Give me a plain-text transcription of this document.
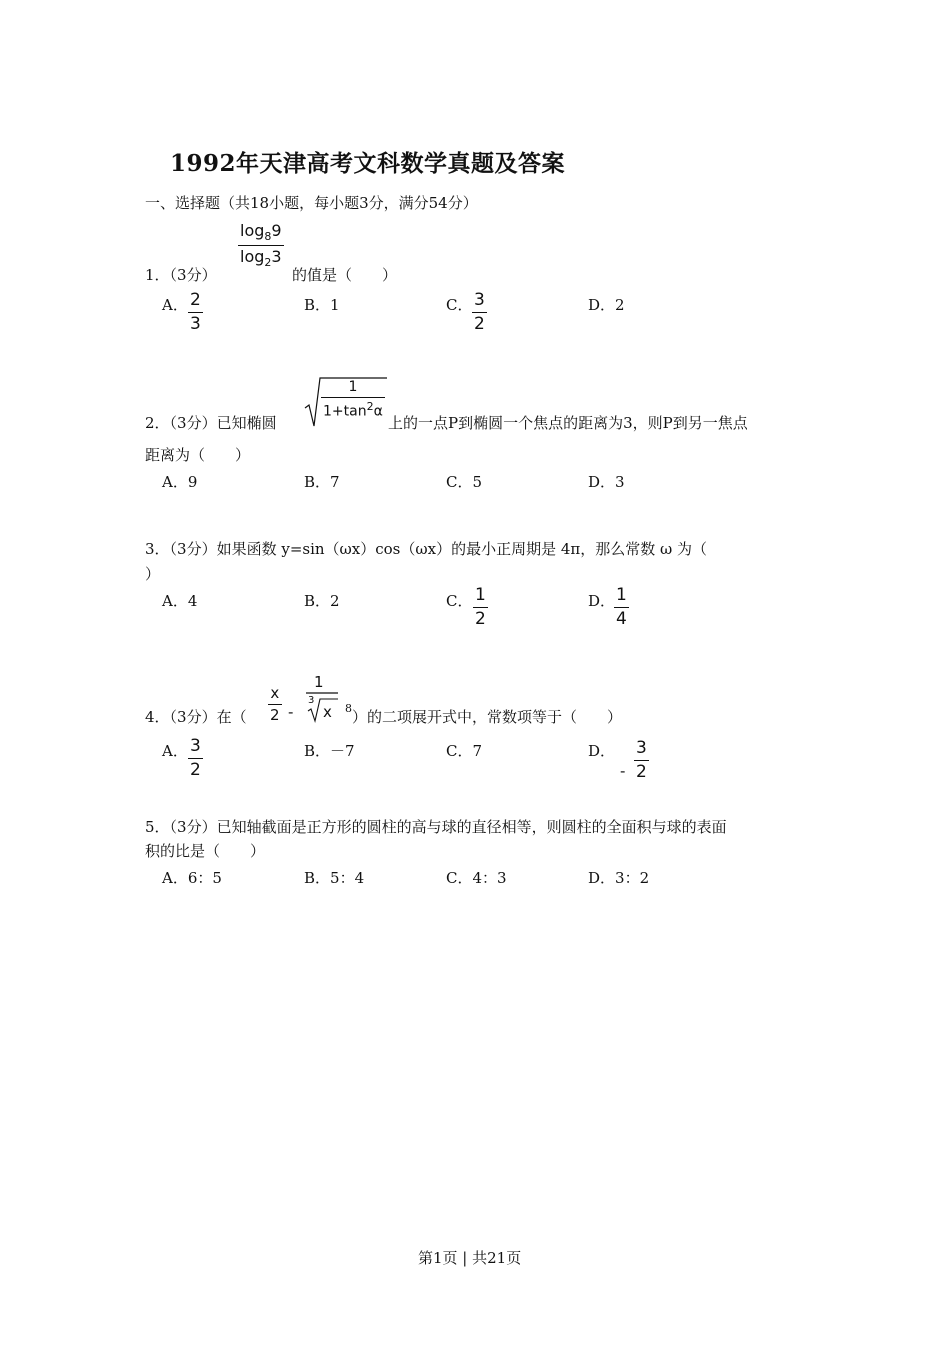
1992年天津高考文科数学真题及答案
一、选择题（共18小题，每小题3分，满分54分）
1．（3分）
$\frac{\log_89}{\log_23}$
的值是（　　）
A． $\frac{2}{3}$	B．1	C． $\frac{3}{2}$	D．2
2．（3分）已知椭圆
1
$1+\tan^2\alpha$
上的一点P到椭圆一个焦点的距离为3，则P到另一焦点
距离为（　　）
A．9	B．7	C．5	D．3
3．（3分）如果函数 y=sin（ωx）cos（ωx）的最小正周期是 4π，那么常数 ω 为（
）
A．4	B．2	C． $\frac{1}{2}$	D．
$\frac{1}{4}$
4．（3分）在（ $\frac{x}{2}$ -
1
3
x 8 ）的二项展开式中，常数项等于（　　）
A． $\frac{3}{2}$	B．－7	C．7	D．
- $\frac{3}{2}$
5．（3分）已知轴截面是正方形的圆柱的高与球的直径相等，则圆柱的全面积与球的表面
积的比是（　　）
A．6：5	B．5：4	C．4：3	D．3：2
第1页 | 共21页
